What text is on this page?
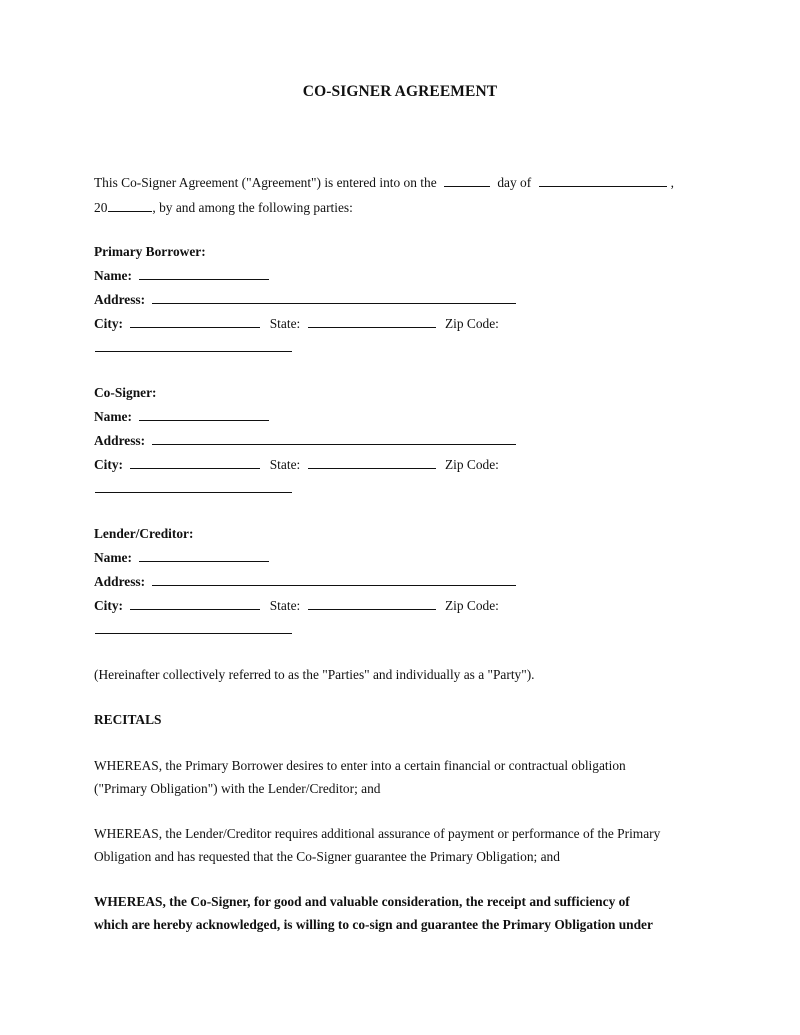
CO-SIGNER AGREEMENT
This Co-Signer Agreement ("Agreement") is entered into on the	day of	,
20	, by and among the following parties:
Primary Borrower:
Name:
Address:
City:	State:	Zip Code:
Co-Signer:
Name:
Address:
City:	State:	Zip Code:
Lender/Creditor:
Name:
Address:
City:	State:	Zip Code:
(Hereinafter collectively referred to as the "Parties" and individually as a "Party").
RECITALS
WHEREAS, the Primary Borrower desires to enter into a certain financial or contractual obligation
("Primary Obligation") with the Lender/Creditor; and
WHEREAS, the Lender/Creditor requires additional assurance of payment or performance of the Primary
Obligation and has requested that the Co-Signer guarantee the Primary Obligation; and
WHEREAS, the Co-Signer, for good and valuable consideration, the receipt and sufficiency of
which are hereby acknowledged, is willing to co-sign and guarantee the Primary Obligation under
